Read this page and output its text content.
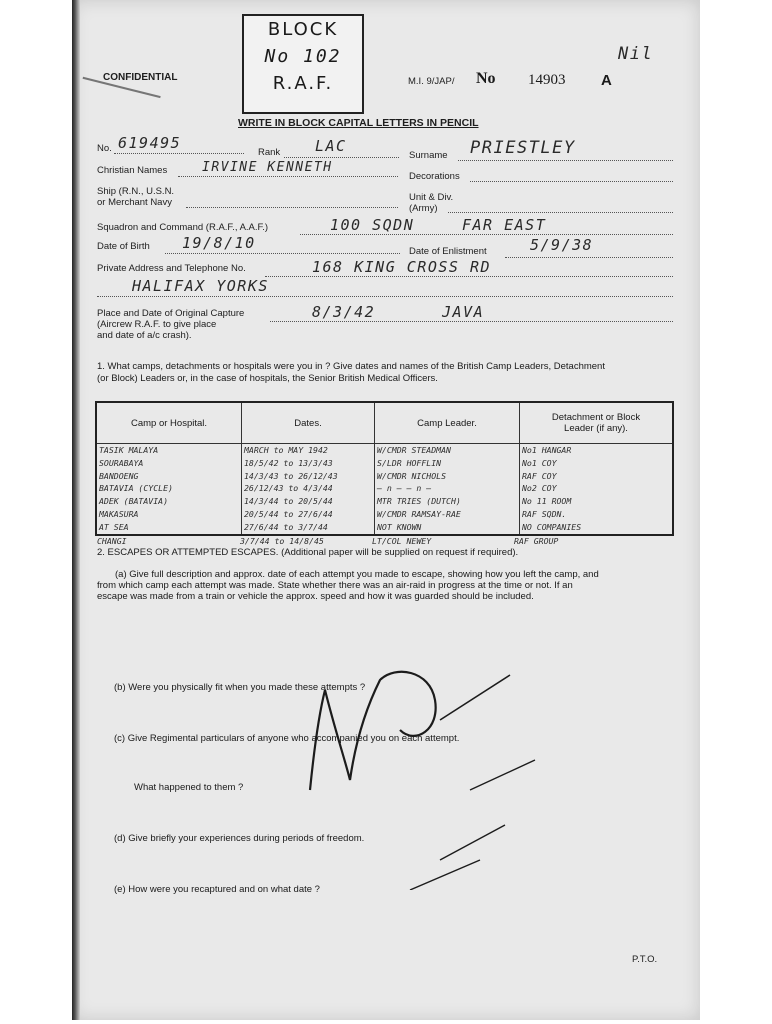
CONFIDENTIAL
BLOCK
No 102
R.A.F.	M.I. 9/JAP/ No 14903 A
Nil
WRITE IN BLOCK CAPITAL LETTERS IN PENCIL
No. 619495
Rank LAC
Surname PRIESTLEY
Christian Names	IRVINE KENNETH
Decorations
Ship (R.N., U.S.N.
or Merchant Navy	Unit & Div.
(Army)
Squadron and Command (R.A.F., A.A.F.)	100 SQDN	FAR EAST
Date of Birth 19/8/10	Date of Enlistment	5/9/38
Private Address and Telephone No.	168 KING CROSS RD
HALIFAX YORKS
Place and Date of Original Capture
(Aircrew R.A.F. to give place
and date of a/c crash).
8/3/42	JAVA
1. What camps, detachments or hospitals were you in ? Give dates and names of the British Camp Leaders, Detachment
(or Block) Leaders or, in the case of hospitals, the Senior British Medical Officers.
Camp or Hospital.	Dates.	Camp Leader.	Detachment or Block Leader (if any).
TASIK MALAYA	MARCH to MAY 1942	W/CMDR STEADMAN	No1 HANGAR
SOURABAYA	18/5/42 to 13/3/43	S/LDR HOFFLIN	No1 COY
BANDOENG	14/3/43 to 26/12/43	W/CMDR NICHOLS	RAF COY
BATAVIA (CYCLE)	26/12/43 to 4/3/44	— n — — n —	No2 COY
ADEK (BATAVIA)	14/3/44 to 20/5/44	MTR TRIES (DUTCH)	No 11 ROOM
MAKASURA	20/5/44 to 27/6/44	W/CMDR RAMSAY-RAE	RAF SQDN.
AT SEA	27/6/44 to 3/7/44	NOT KNOWN	NO COMPANIES
CHANGI	3/7/44 to 14/8/45	LT/COL NEWEY	RAF GROUP
2. ESCAPES OR ATTEMPTED ESCAPES. (Additional paper will be supplied on request if required).
(a) Give full description and approx. date of each attempt you made to escape, showing how you left the camp, and
from which camp each attempt was made. State whether there was an air-raid in progress at the time or not. If an
escape was made from a train or vehicle the approx. speed and how it was guarded should be included.
(b) Were you physically fit when you made these attempts ?
(c) Give Regimental particulars of anyone who accompanied you on each attempt.
What happened to them ?
(d) Give briefly your experiences during periods of freedom.
(e) How were you recaptured and on what date ?
P.T.O.
